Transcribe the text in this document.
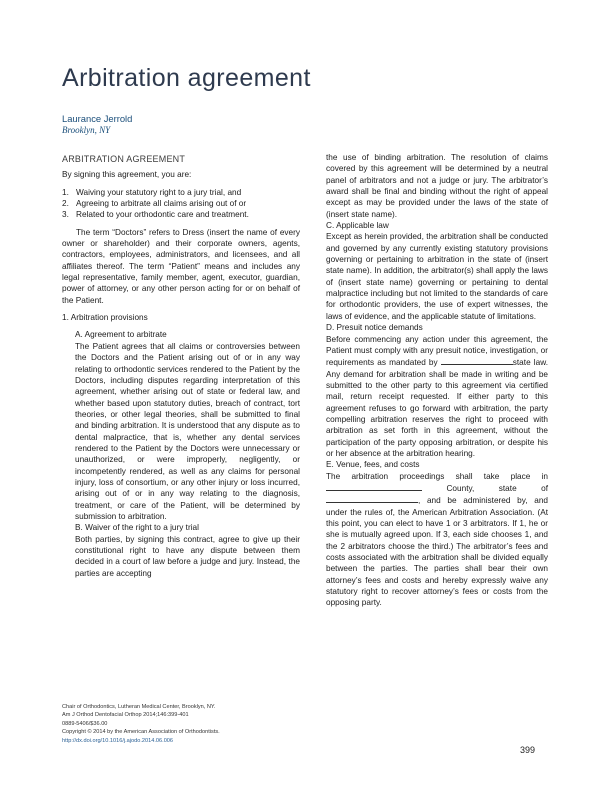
Arbitration agreement
Laurance Jerrold
Brooklyn, NY
ARBITRATION AGREEMENT

By signing this agreement, you are:

1. Waiving your statutory right to a jury trial, and
2. Agreeing to arbitrate all claims arising out of or
3. Related to your orthodontic care and treatment.

The term “Doctors” refers to Dress (insert the name of every owner or shareholder) and their corporate owners, agents, contractors, employees, administrators, and licensees, and all affiliates thereof. The term “Patient” means and includes any legal representative, family member, agent, executor, guardian, power of attorney, or any other person acting for or on behalf of the Patient.

1. Arbitration provisions

A. Agreement to arbitrate

The Patient agrees that all claims or controversies between the Doctors and the Patient arising out of or in any way relating to orthodontic services rendered to the Patient by the Doctors, including disputes regarding interpretation of this agreement, whether arising out of state or federal law, and whether based upon statutory duties, breach of contract, tort theories, or other legal theories, shall be submitted to final and binding arbitration. It is understood that any dispute as to dental malpractice, that is, whether any dental services rendered to the Patient by the Doctors were unnecessary or unauthorized, or were improperly, negligently, or incompetently rendered, as well as any claims for personal injury, loss of consortium, or any other injury or loss incurred, arising out of or in any way relating to the diagnosis, treatment, or care of the Patient, will be determined by submission to arbitration.

B. Waiver of the right to a jury trial

Both parties, by signing this contract, agree to give up their constitutional right to have any dispute between them decided in a court of law before a judge and jury. Instead, the parties are accepting

the use of binding arbitration. The resolution of claims covered by this agreement will be determined by a neutral panel of arbitrators and not a judge or jury. The arbitrator’s award shall be final and binding without the right of appeal except as may be provided under the laws of the state of (insert state name).

C. Applicable law

Except as herein provided, the arbitration shall be conducted and governed by any currently existing statutory provisions governing or pertaining to arbitration in the state of (insert state name). In addition, the arbitrator(s) shall apply the laws of (insert state name) governing or pertaining to dental malpractice including but not limited to the standards of care for orthodontic providers, the use of expert witnesses, the laws of evidence, and the applicable statute of limitations.

D. Presuit notice demands

Before commencing any action under this agreement, the Patient must comply with any presuit notice, investigation, or requirements as mandated by	state law. Any demand for arbitration shall be made in writing and be submitted to the other party to this agreement via certified mail, return receipt requested. If either party to this agreement refuses to go forward with arbitration, the party compelling arbitration reserves the right to proceed with arbitration as set forth in this agreement, without the participation of the party opposing arbitration, or despite his or her absence at the arbitration hearing.

E. Venue, fees, and costs

The arbitration proceedings shall take place in  County,	state of , and be administered by, and under the rules of, the American Arbitration Association. (At this point, you can elect to have 1 or 3 arbitrators. If 1, he or she is mutually agreed upon. If 3, each side chooses 1, and the 2 arbitrators choose the third.) The arbitrator’s fees and costs associated with the arbitration shall be divided equally between the parties. The parties shall bear their own attorney’s fees and costs and hereby expressly waive any statutory right to recover attorney’s fees or costs from the opposing party.

Chair of Orthodontics, Lutheran Medical Center, Brooklyn, NY.
Am J Orthod Dentofacial Orthop 2014;146:399-401
0889-5406/$36.00
Copyright © 2014 by the American Association of Orthodontists.
http://dx.doi.org/10.1016/j.ajodo.2014.06.006
399
